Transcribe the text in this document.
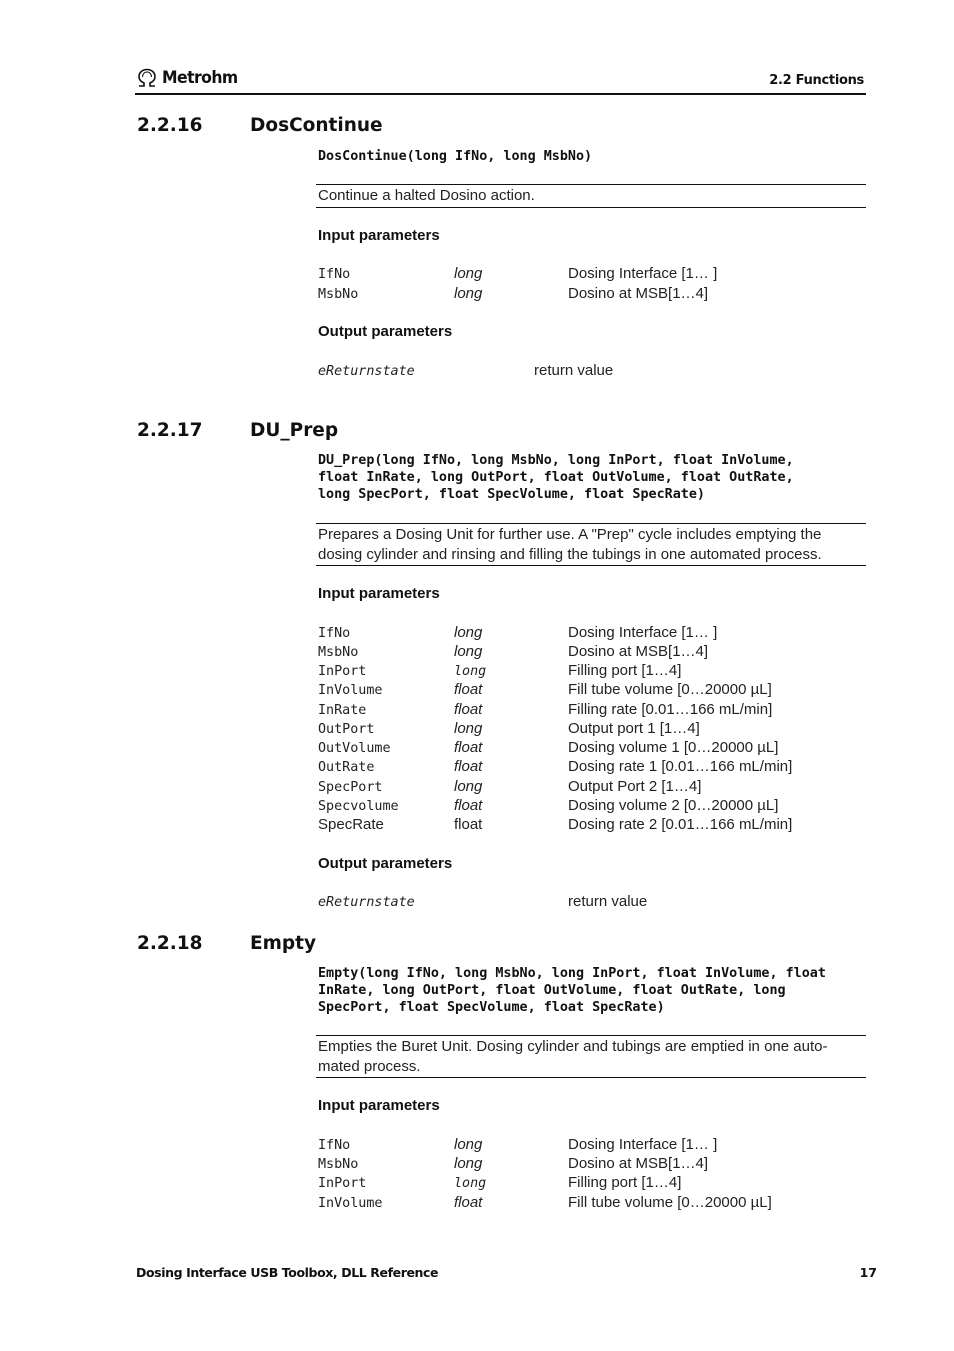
Metrohm	2.2 Functions
2.2.16	DosContinue
DosContinue(long IfNo, long MsbNo)
Continue a halted Dosino action.
Input parameters
IfNo	long	Dosing Interface [1… ]
MsbNo	long	Dosino at MSB[1…4]
Output parameters
eReturnstate	return value
2.2.17	DU_Prep
DU_Prep(long IfNo, long MsbNo, long InPort, float InVolume,
float InRate, long OutPort, float OutVolume, float OutRate,
long SpecPort, float SpecVolume, float SpecRate)
Prepares a Dosing Unit for further use. A "Prep" cycle includes emptying the
dosing cylinder and rinsing and filling the tubings in one automated process.
Input parameters
IfNo	long	Dosing Interface [1… ]
MsbNo	long	Dosino at MSB[1…4]
InPort	long	Filling port [1…4]
InVolume	float	Fill tube volume [0…20000 µL]
InRate	float	Filling rate [0.01…166 mL/min]
OutPort	long	Output port 1 [1…4]
OutVolume	float	Dosing volume 1 [0…20000 µL]
OutRate	float	Dosing rate 1 [0.01…166 mL/min]
SpecPort	long	Output Port 2 [1…4]
Specvolume	float	Dosing volume 2 [0…20000 µL]
SpecRate	float	Dosing rate 2 [0.01…166 mL/min]
Output parameters
eReturnstate	return value
2.2.18	Empty
Empty(long IfNo, long MsbNo, long InPort, float InVolume, float
InRate, long OutPort, float OutVolume, float OutRate, long
SpecPort, float SpecVolume, float SpecRate)
Empties the Buret Unit. Dosing cylinder and tubings are emptied in one auto-
mated process.
Input parameters
IfNo	long	Dosing Interface [1… ]
MsbNo	long	Dosino at MSB[1…4]
InPort	long	Filling port [1…4]
InVolume	float	Fill tube volume [0…20000 µL]
Dosing Interface USB Toolbox, DLL Reference	17
